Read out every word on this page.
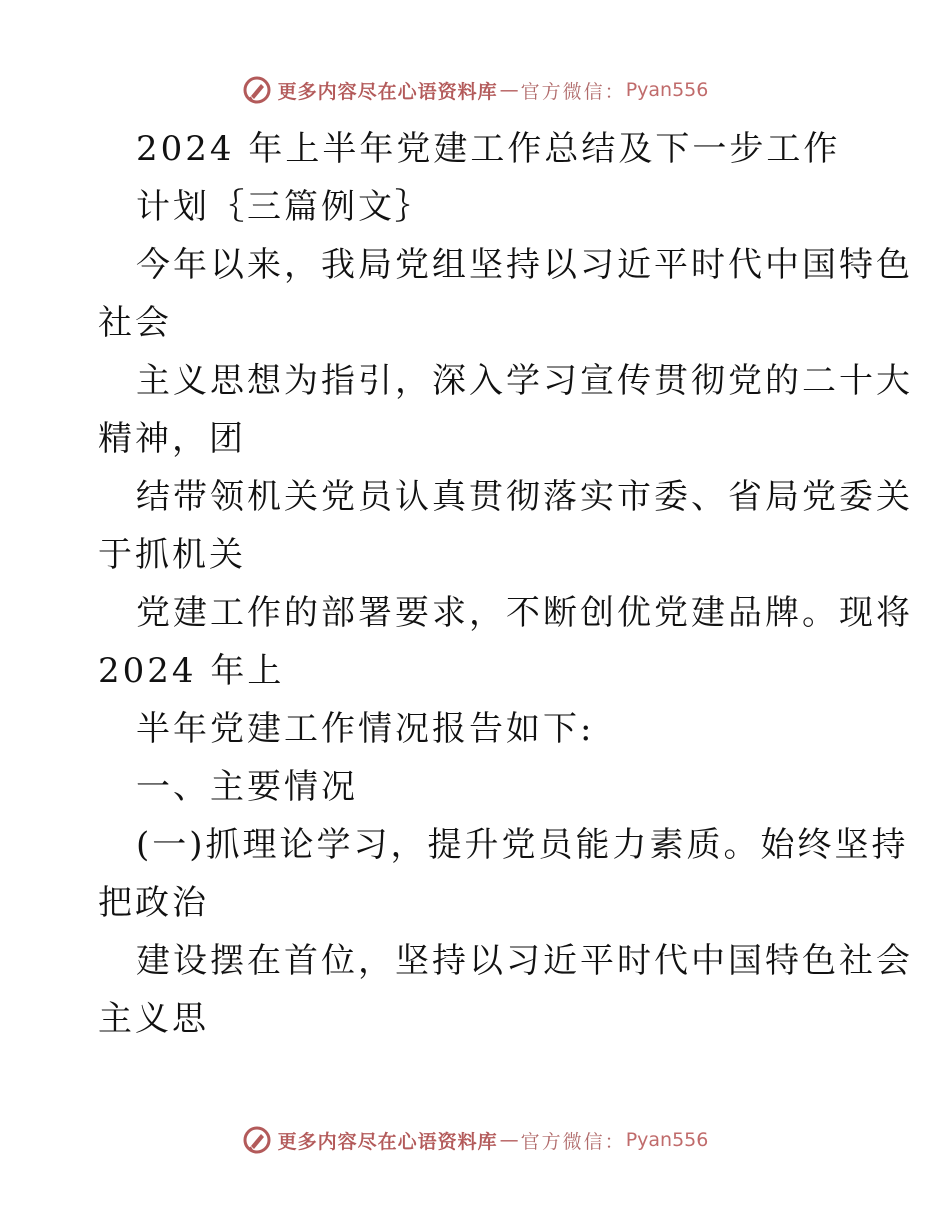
更多内容尽在心语资料库 — 官方微信： Pyan556
2024 年上半年党建工作总结及下一步工作
计划｛三篇例文｝
今年以来，我局党组坚持以习近平时代中国特色
社会
主义思想为指引，深入学习宣传贯彻党的二十大
精神，团
结带领机关党员认真贯彻落实市委、省局党委关
于抓机关
党建工作的部署要求，不断创优党建品牌。现将
2024 年上
半年党建工作情况报告如下:
一、主要情况
(一)抓理论学习，提升党员能力素质。始终坚持
把政治
建设摆在首位，坚持以习近平时代中国特色社会
主义思
更多内容尽在心语资料库 — 官方微信： Pyan556
